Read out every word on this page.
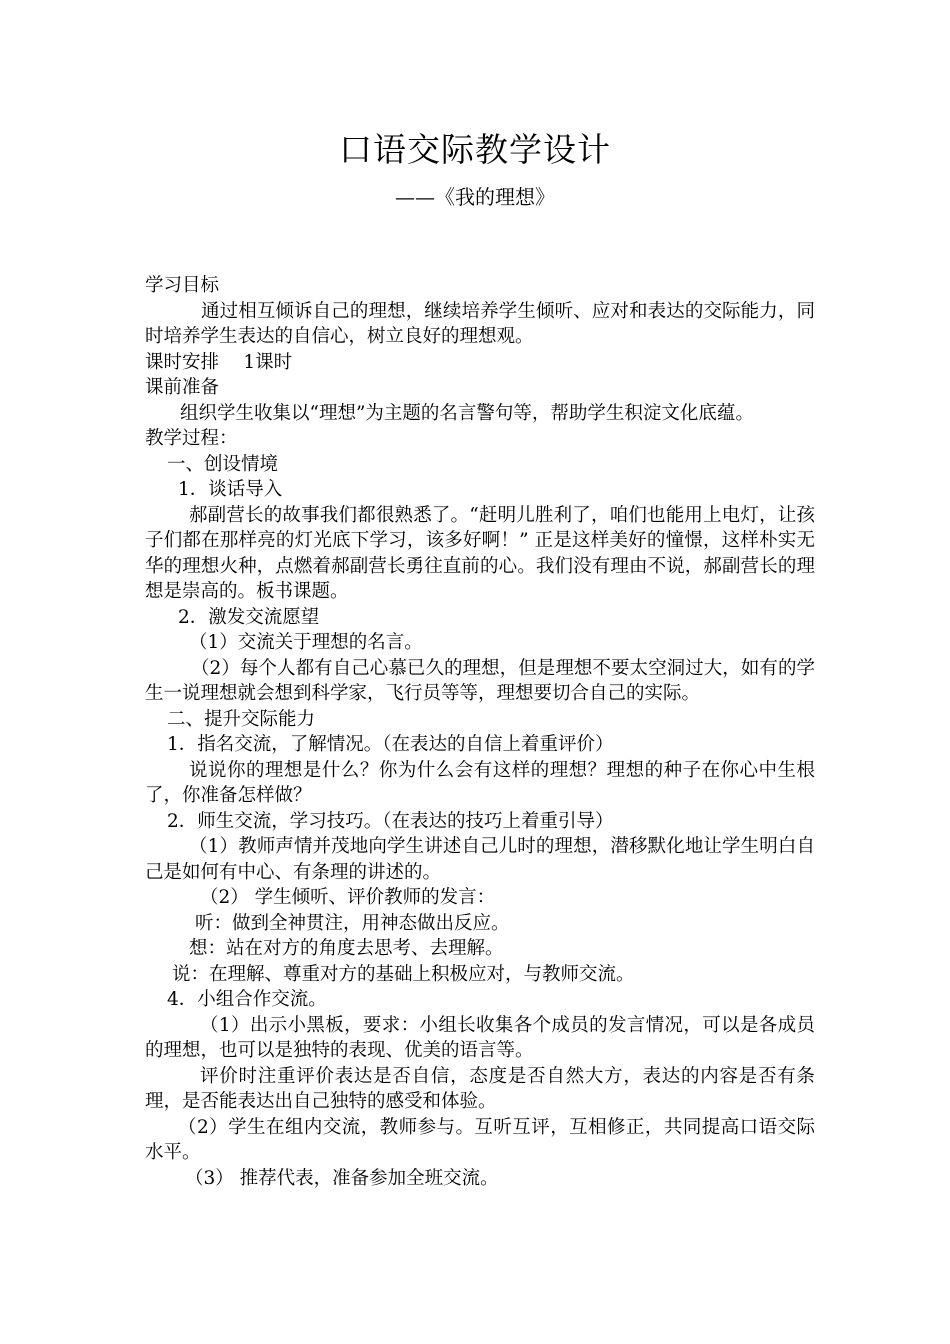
口语交际教学设计
——《我的理想》

学习目标

通过相互倾诉自己的理想，继续培养学生倾听、应对和表达的交际能力，同时培养学生表达的自信心，树立良好的理想观。

课时安排　 1课时

课前准备

组织学生收集以“理想”为主题的名言警句等，帮助学生积淀文化底蕴。

教学过程：

一、创设情境

1．谈话导入

郝副营长的故事我们都很熟悉了。“赶明儿胜利了，咱们也能用上电灯，让孩子们都在那样亮的灯光底下学习，该多好啊！” 正是这样美好的憧憬，这样朴实无华的理想火种，点燃着郝副营长勇往直前的心。我们没有理由不说，郝副营长的理想是崇高的。板书课题。

2．激发交流愿望

（1）交流关于理想的名言。

（2）每个人都有自己心慕已久的理想，但是理想不要太空洞过大，如有的学生一说理想就会想到科学家，飞行员等等，理想要切合自己的实际。

二、提升交际能力

1．指名交流，了解情况。（在表达的自信上着重评价）

说说你的理想是什么？你为什么会有这样的理想？理想的种子在你心中生根了，你准备怎样做？

2．师生交流，学习技巧。（在表达的技巧上着重引导）

（1）教师声情并茂地向学生讲述自己儿时的理想，潜移默化地让学生明白自己是如何有中心、有条理的讲述的。

（2） 学生倾听、评价教师的发言：

听：做到全神贯注，用神态做出反应。

想：站在对方的角度去思考、去理解。

说：在理解、尊重对方的基础上积极应对，与教师交流。

4．小组合作交流。

（1）出示小黑板，要求：小组长收集各个成员的发言情况，可以是各成员的理想，也可以是独特的表现、优美的语言等。

评价时注重评价表达是否自信，态度是否自然大方，表达的内容是否有条理，是否能表达出自己独特的感受和体验。

（2）学生在组内交流，教师参与。互听互评，互相修正，共同提高口语交际水平。

（3） 推荐代表，准备参加全班交流。
